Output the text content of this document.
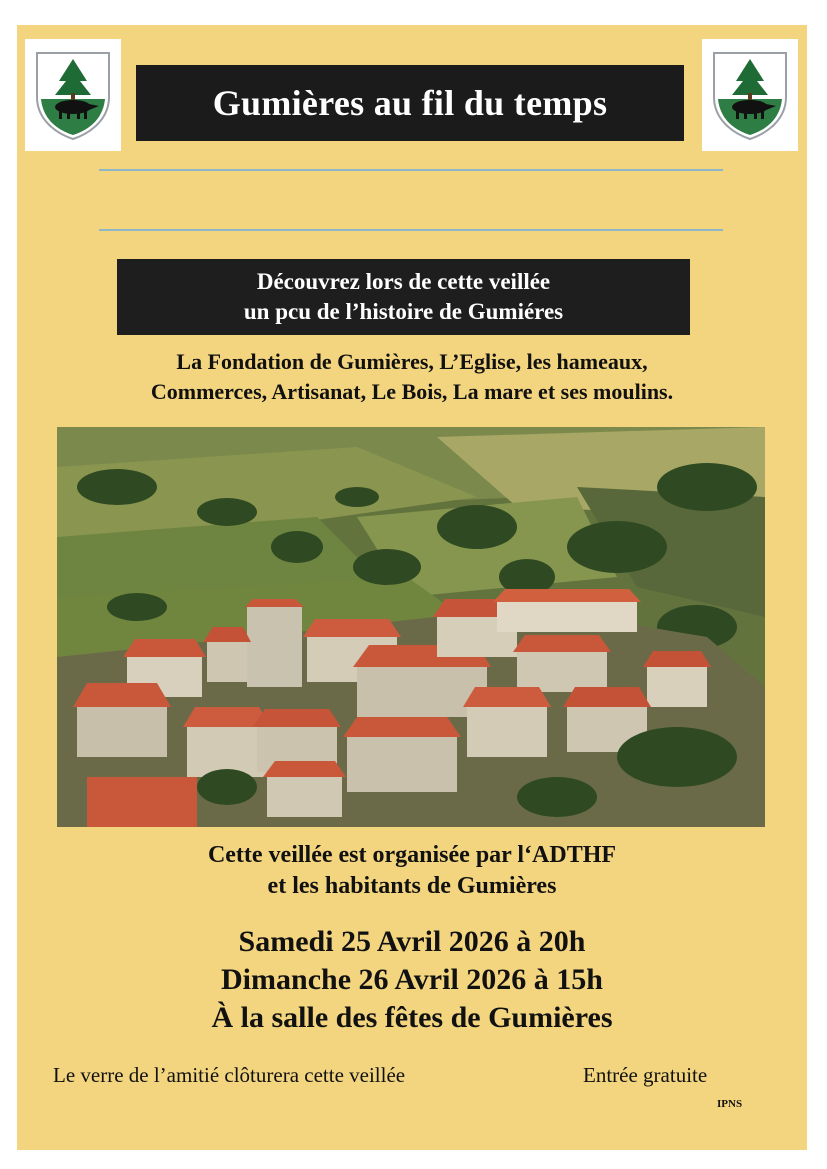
Gumières au fil du temps
Découvrez lors de cette veillée
un pcu de l’histoire de Gumiéres
La Fondation de Gumières, L’Eglise, les hameaux,
Commerces, Artisanat, Le Bois, La mare et ses moulins.
Cette veillée est organisée par l‘ADTHF
et les habitants de Gumières
Samedi 25 Avril 2026 à 20h
Dimanche 26 Avril 2026 à 15h
À la salle des fêtes de Gumières
Le verre de l’amitié clôturera cette veillée	Entrée gratuite
IPNS
